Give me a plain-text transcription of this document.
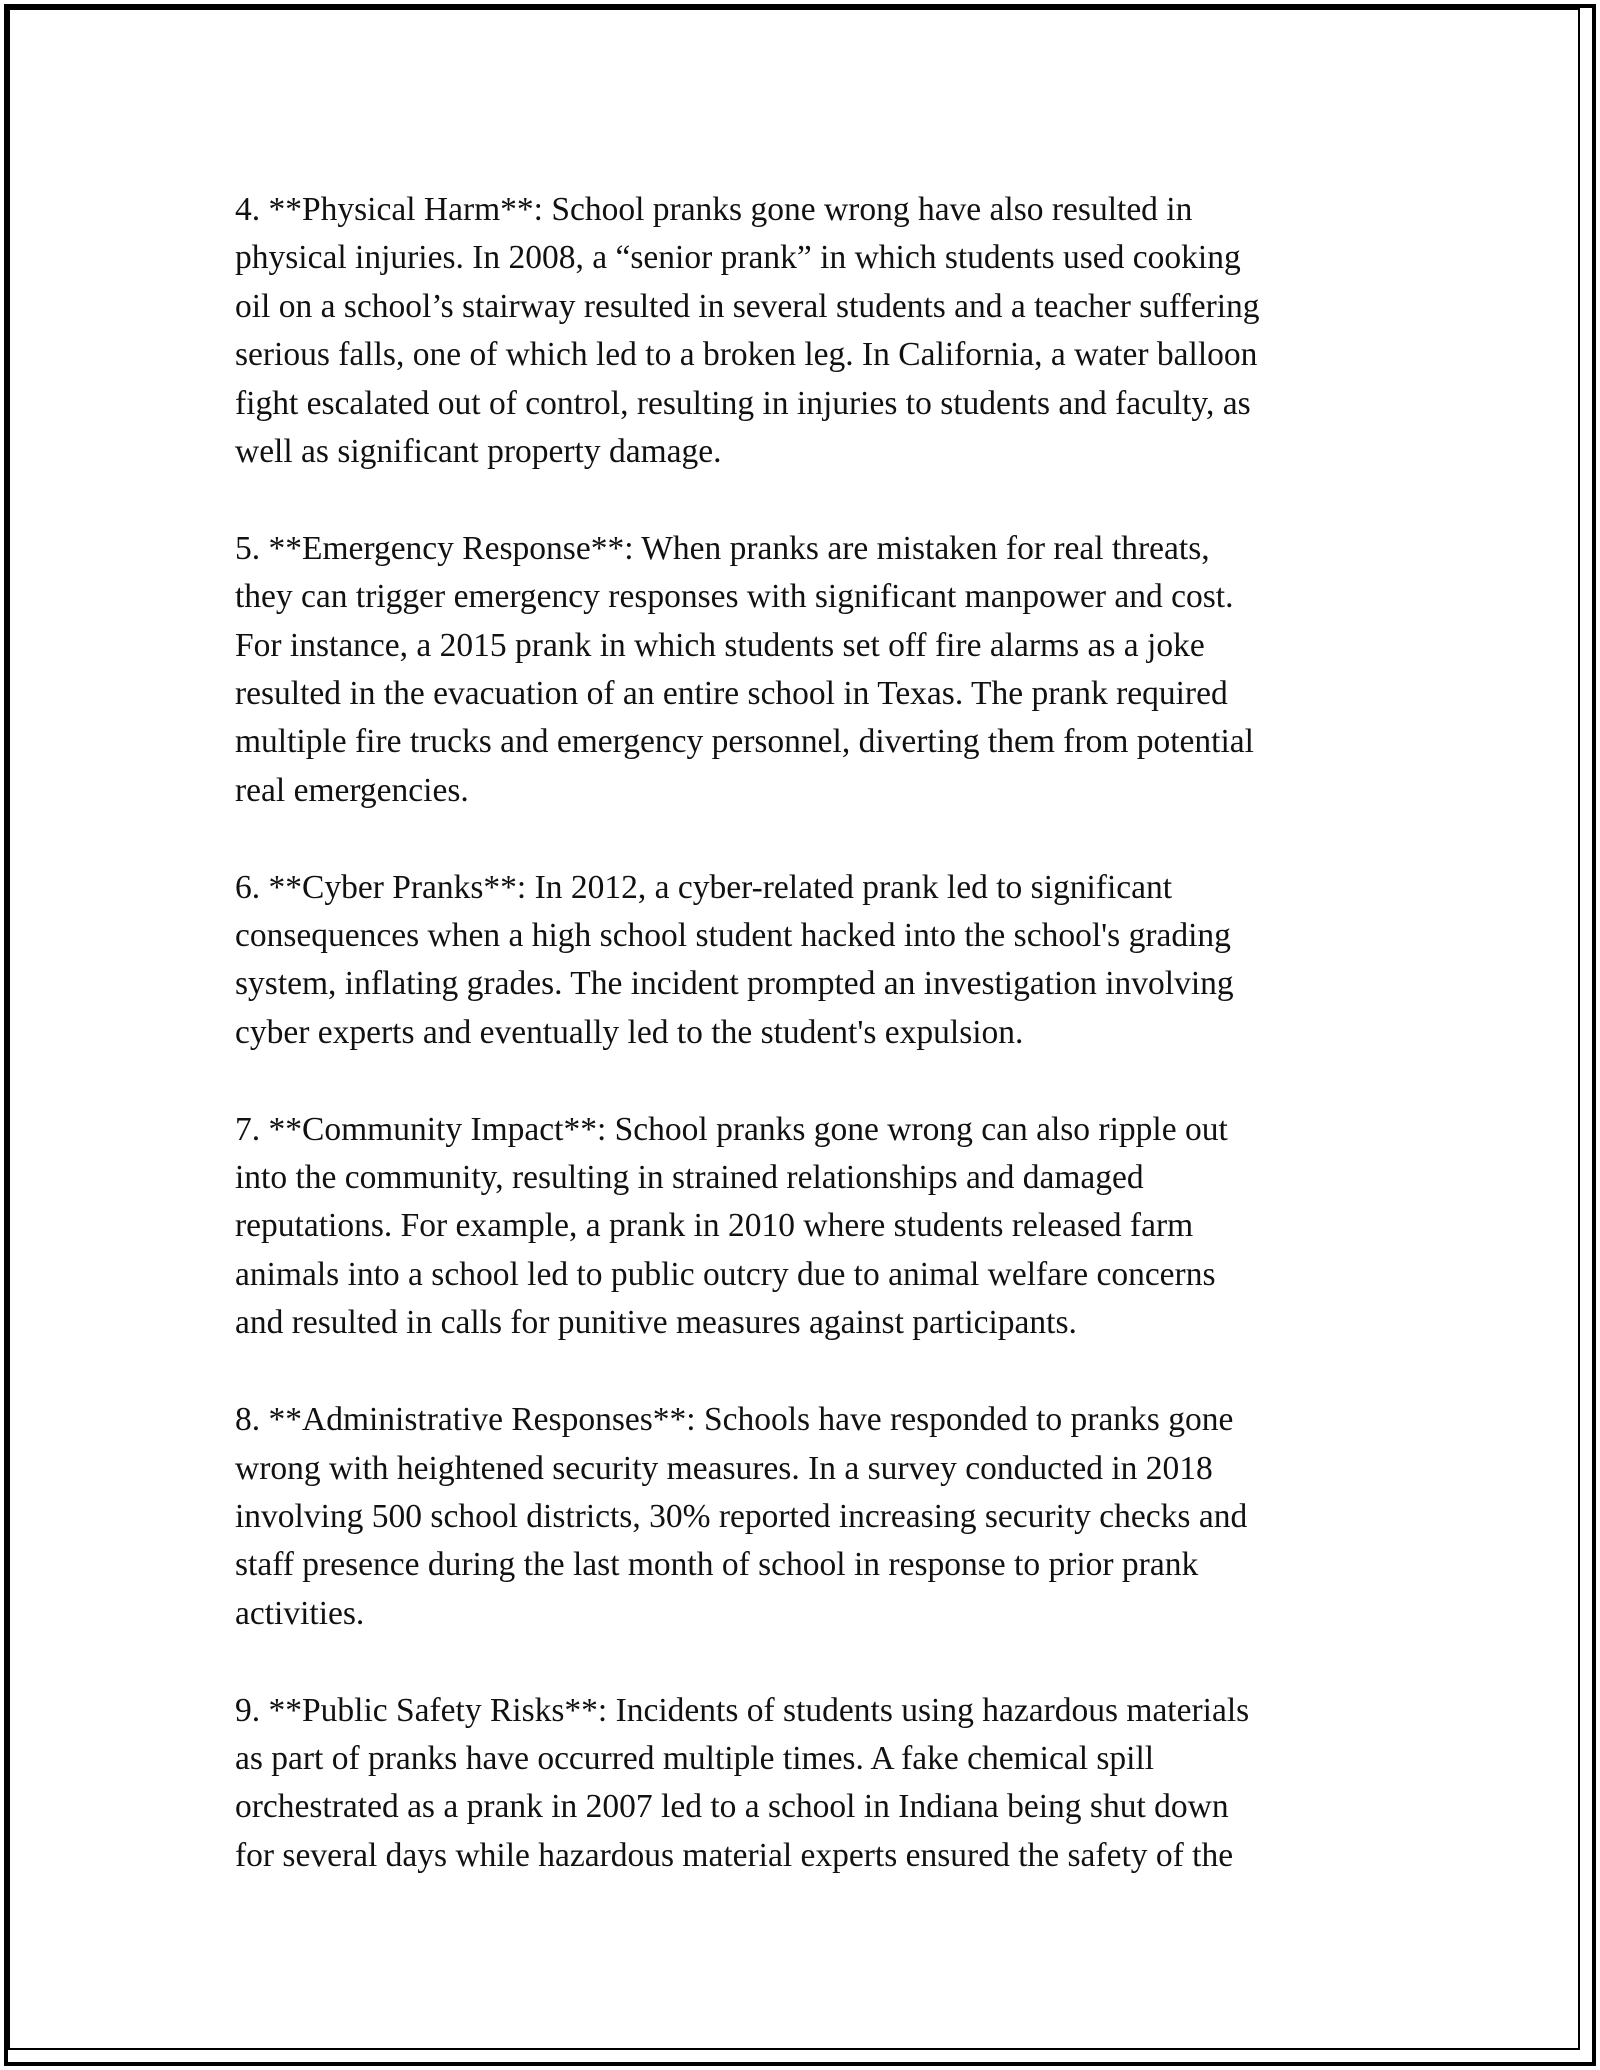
4. **Physical Harm**: School pranks gone wrong have also resulted in
physical injuries. In 2008, a “senior prank” in which students used cooking
oil on a school’s stairway resulted in several students and a teacher suffering
serious falls, one of which led to a broken leg. In California, a water balloon
fight escalated out of control, resulting in injuries to students and faculty, as
well as significant property damage.

5. **Emergency Response**: When pranks are mistaken for real threats,
they can trigger emergency responses with significant manpower and cost.
For instance, a 2015 prank in which students set off fire alarms as a joke
resulted in the evacuation of an entire school in Texas. The prank required
multiple fire trucks and emergency personnel, diverting them from potential
real emergencies.

6. **Cyber Pranks**: In 2012, a cyber-related prank led to significant
consequences when a high school student hacked into the school's grading
system, inflating grades. The incident prompted an investigation involving
cyber experts and eventually led to the student's expulsion.

7. **Community Impact**: School pranks gone wrong can also ripple out
into the community, resulting in strained relationships and damaged
reputations. For example, a prank in 2010 where students released farm
animals into a school led to public outcry due to animal welfare concerns
and resulted in calls for punitive measures against participants.

8. **Administrative Responses**: Schools have responded to pranks gone
wrong with heightened security measures. In a survey conducted in 2018
involving 500 school districts, 30% reported increasing security checks and
staff presence during the last month of school in response to prior prank
activities.

9. **Public Safety Risks**: Incidents of students using hazardous materials
as part of pranks have occurred multiple times. A fake chemical spill
orchestrated as a prank in 2007 led to a school in Indiana being shut down
for several days while hazardous material experts ensured the safety of the
